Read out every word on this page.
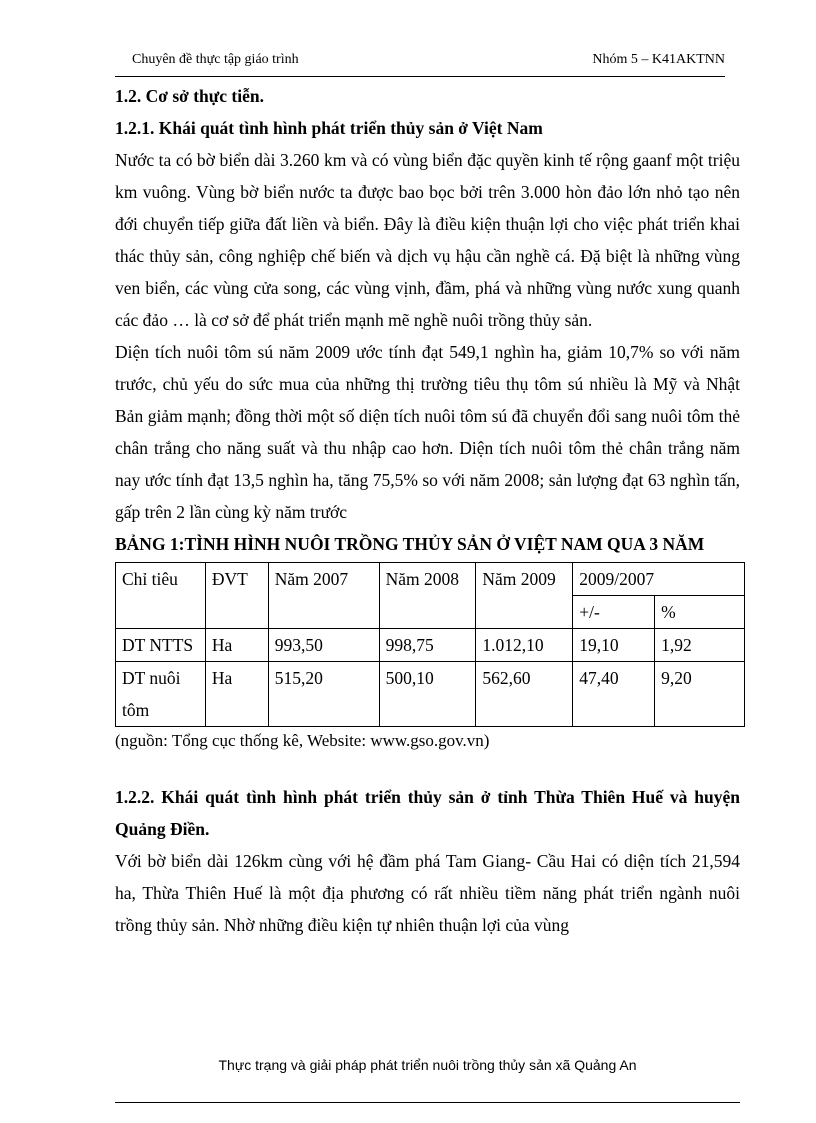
Chuyên đề thực tập giáo trình	Nhóm 5 – K41AKTNN

1.2. Cơ sở thực tiễn.

1.2.1. Khái quát tình hình phát triển thủy sản ở Việt Nam

Nước ta có bờ biển dài 3.260 km và có vùng biển đặc quyền kinh tế rộng gaanf một triệu km vuông. Vùng bờ biển nước ta được bao bọc bởi trên 3.000 hòn đảo lớn nhỏ tạo nên đới chuyển tiếp giữa đất liền và biển. Đây là điều kiện thuận lợi cho việc phát triển khai thác thủy sản, công nghiệp chế biến và dịch vụ hậu cần nghề cá. Đặ biệt là những vùng ven biển, các vùng cửa song, các vùng vịnh, đầm, phá và những vùng nước xung quanh các đảo … là cơ sở để phát triển mạnh mẽ nghề nuôi trồng thủy sản.

Diện tích nuôi tôm sú năm 2009 ước tính đạt 549,1 nghìn ha, giảm 10,7% so với năm trước, chủ yếu do sức mua của những thị trường tiêu thụ tôm sú nhiều là Mỹ và Nhật Bản giảm mạnh; đồng thời một số diện tích nuôi tôm sú đã chuyển đổi sang nuôi tôm thẻ chân trắng cho năng suất và thu nhập cao hơn. Diện tích nuôi tôm thẻ chân trắng năm nay ước tính đạt 13,5 nghìn ha, tăng 75,5% so với năm 2008; sản lượng đạt 63 nghìn tấn, gấp trên 2 lần cùng kỳ năm trước

BẢNG 1:TÌNH HÌNH NUÔI TRỒNG THỦY SẢN Ở VIỆT NAM QUA 3 NĂM

Chỉ tiêu	ĐVT	Năm 2007	Năm 2008	Năm 2009	2009/2007	
					+/-	%
DT NTTS	Ha	993,50	998,75	1.012,10	19,10	1,92
DT nuôi tôm	Ha	515,20	500,10	562,60	47,40	9,20

(nguồn: Tổng cục thống kê, Website: www.gso.gov.vn)

1.2.2. Khái quát tình hình phát triển thủy sản ở tỉnh Thừa Thiên Huế và huyện Quảng Điền.

Với bờ biển dài 126km cùng với hệ đầm phá Tam Giang- Cầu Hai có diện tích 21,594 ha, Thừa Thiên Huế là một địa phương có rất nhiều tiềm năng phát triển ngành nuôi trồng thủy sản. Nhờ những điều kiện tự nhiên thuận lợi của vùng

Thực trạng và giải pháp phát triển nuôi trồng thủy sản xã Quảng An
